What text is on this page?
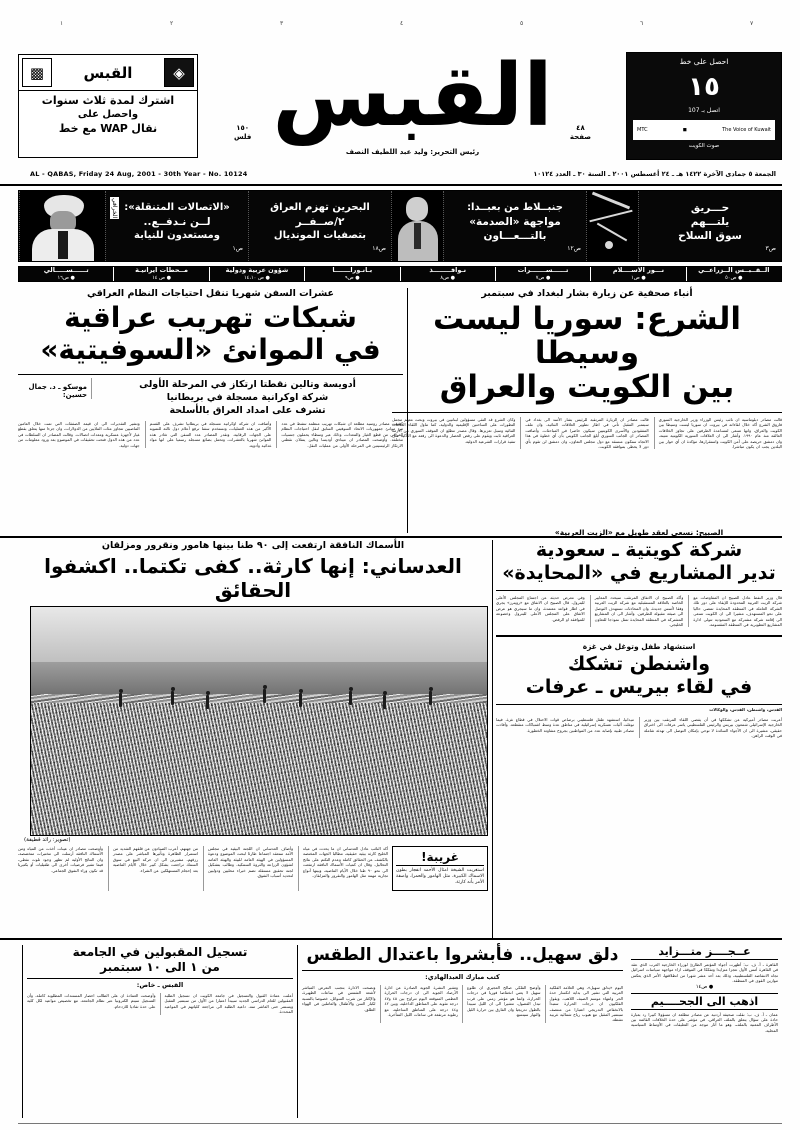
١	٢	٣	٤	٥	٦	٧
◈
القبس
▩
اشترك لمدة ثلاث سنوات
واحصل على
نقال WAP مع خط	القبس
١٥٠
فلس
٤٨
صفحة
رئيس التحرير: وليد عبد اللطيف النصف
احصل على خط
١٥
اتصل بـ 107
The Voice of Kuwait
◼
MTC
صوت الكويت
AL - QABAS, Friday 24 Aug, 2001 - 30th Year - No. 10124	الجمعة ٥ جمادى الآخرة ١٤٢٢ هـ ـ ٢٤ أغسطس ٢٠٠١ ـ السنة ٣٠ ـ العدد ١٠١٢٤
حـــريق
يلتـــهم
سوق السلاح
ص٣
جنبــلاط من بعبــدا:
مواجهة «الصدمة»
بالتـــعـــاون
ص١٢
البحرين تهزم العراق
٢/صــفــر
بتصفيات المونديال
ص١٨
الخرافي «الاتصالات المتنقلة»:
لــن نـدفــع..
ومستعدون للنيابة
ص١
الــقــبــس الــزراعــي
● ص٥٠
نـــور الاســــلام
● ص١
تــــــســـــــرات
● ص٧
نـوافــــــــذ
● ص٨
بـانـوراـــــــا
● ص٩
شؤون عربية ودولية
● ص ١٤،١٠
مــحطات ايرانيـة
● ص ١٤
تــــــســـــالي
● ص١٦
أنباء صحفية عن زيارة بشار لبغداد في سبتمبر
الشرع: سوريا ليست وسيطا
بين الكويت والعراق
قالت مصادر دبلوماسية ان نائب رئيس الوزراء وزير الخارجية السوري فاروق الشرع أكد خلال لقاءاته في بيروت ان سوريا ليست وسيطا بين الكويت والعراق، وانها تسعى لمساعدة الطرفين على تجاوز الخلافات العالقة منذ عام ١٩٩٠. وأشار الى ان العلاقات السورية الكويتية متينة، وان دمشق حريصة على أمن الكويت واستقرارها، مؤكدة ان أي حوار بين البلدين يجب ان يكون مباشرا.
قالت مصادر ان الزيارة المرتقبة للرئيس بشار الأسد الى بغداد في سبتمبر المقبل تأتي في اطار تطوير العلاقات الثنائية، وان ملف المفقودين والأسرى الكويتيين سيكون حاضرا في المباحثات. وأضافت المصادر ان الجانب السوري أبلغ الجانب الكويتي بأن أي خطوة في هذا الاتجاه ستكون منسقة مع دول مجلس التعاون، وان دمشق لن تقوم بأي دور لا يحظى بموافقة الكويت.
وكان الشرع قد التقى مسؤولين لبنانيين في بيروت وبحث معهم مجمل التطورات على الساحتين الإقليمية والدولية، كما تناول اللقاء العلاقات الثنائية وسبل تعزيزها. وقال مصدر مطلع ان الموقف السوري من الأزمة العراقية ثابت ويقوم على رفض الحصار والدعوة الى رفعه مع التأكيد على تنفيذ قرارات الشرعية الدولية.
عشرات السفن شهريا تنقل احتياجات النظام العراقي
شبكات تهريب عراقية
في الموانئ «السوفيتية»
أدويسة وتالين نقطتا ارتكاز في المرحلة الأولى
شركة اوكرانية مسجلة في بريطانيا
تشرف على امداد العراق بالأسلحة
موسكو ـ د. جمال حسين:
كشفت مصادر روسية مطلعة ان شبكات تهريب منظمة تنشط في عدد من موانئ جمهوريات الاتحاد السوفيتي السابق لنقل احتياجات النظام العراقي من قطع الغيار والمعدات، وذلك عبر وسطاء يحملون جنسيات مختلفة. وأوضحت المصادر ان ميناءي أوديسا وتالين يمثلان نقطتي الارتكاز الرئيسيتين في المرحلة الأولى من عمليات النقل.
وأضافت ان شركة اوكرانية مسجلة في بريطانيا تشرف على القسم الأكبر من هذه العمليات، وتستخدم سفنا ترفع أعلام دول ثالثة للتمويه على الجهات الرقابية. وتقدر المصادر عدد السفن التي تغادر هذه الموانئ شهريا بالعشرات، وتحمل بضائع مسجلة رسميا على انها مواد غذائية وأدوية.
وتشير التقديرات الى ان قيمة الصفقات التي تمت خلال العامين الماضيين تتجاوز مئات الملايين من الدولارات، وان جزءا منها يتعلق بقطع غيار لأجهزة عسكرية ومعدات اتصالات. وقالت المصادر ان السلطات في عدد من هذه الدول فتحت تحقيقات في الموضوع بعد ورود معلومات من جهات دولية.
الأسماك النافقة ارتفعت إلى ٩٠ طنا بينها هامور ونقرور ومزلقان
العدساني: إنها كارثة.. كفى تكتما.. اكشفوا الحقائق
(تصوير: رائد قطيفة)
غريبة!
استغربت الشيخة امثال الأحمد انفجار بطون الاسماك الكبيرة، مثل الهامور والحمرا، واصفة الأمر بأنه كارثة.
أكد النائب عادل العدساني ان ما يحدث في مياه الخليج كارثة بيئية حقيقية، مطالبا الجهات المختصة بالكشف عن الحقائق كاملة وعدم التكتم على نتائج التحاليل. وقال ان كميات الأسماك النافقة ارتفعت الى نحو ٩٠ طنا خلال الأيام الماضية، وبينها أنواع تجارية مهمة مثل الهامور والنقرور والمزلقان.
وأضاف العدساني ان اللجنة البيئية في مجلس الأمة ستعقد اجتماعا طارئا لبحث الموضوع ودعوة المسؤولين في الهيئة العامة للبيئة والهيئة العامة لشؤون الزراعة والثروة السمكية. وطالب بتشكيل لجنة تحقيق مستقلة تضم خبراء محليين ودوليين لتحديد أسباب النفوق.
من جهتهم، أعرب الصيادون عن قلقهم الشديد من استمرار الظاهرة وتأثيرها المباشر على مصدر رزقهم، مشيرين الى ان حركة البيع في سوق السمك تراجعت بشكل كبير خلال الأيام الماضية بعد إحجام المستهلكين عن الشراء.
وأوضحت مصادر ان عينات أخذت من المياه ومن الأسماك النافقة أرسلت الى مختبرات متخصصة، وان النتائج الأولية لم تظهر وجود تلوث نفطي، فيما تشير فرضيات أخرى الى طفيليات أو بكتيريا قد تكون وراء النفوق الجماعي.
الصبيح: نسعى لعقد طويل مع «الزيت العربية»
شركة كويتية ـ سعودية
تدير المشاريع في «المحايدة»
قال وزير النفط عادل الصبيح ان المفاوضات مع شركة الزيت العربية المحدودة للإبقاء على دور تلك الشركة العاملة في المنطقة المحايدة تمضي حاليا على نحو المستهدف، مشيرا الى ان الكويت تسعى الى إقامة شركة مشتركة مع السعودية تتولى ادارة المشاريع التطويرية في المنطقة المقسومة.
وأكد الصبيح ان الاتفاق المرتقب سيحدد المعايير الخاصة بالعلاقة المستقبلية مع شركة الزيت العربية وفقا لأسس جديدة، وان المحادثات تستهدف التوصل الى صيغة مقبولة للطرفين. وأشار الى ان المشاريع المشتركة في المنطقة المحايدة تمثل نموذجا للتعاون الخليجي.
وفي معرض حديثه عن اجتماع المجلس الأعلى للبترول، قال الصبيح ان الاتفاق مع «رويترز» يجري في اطار قواعد معتمدة، وان ما سيجري هو عرض الاتفاق على المجلس الأعلى للبترول وخضوعه للموافقة او الرفض.
استشهاد طفل وتوغل في غزة
واشنطن تشكك
في لقاء بيريس ـ عرفات
القدس، واشنطن، القدس، والوكالات
أعربت مصادر أميركية عن تشككها في أن يفضي اللقاء المرتقب بين وزير الخارجية الإسرائيلي شمعون بيريس والرئيس الفلسطيني ياسر عرفات الى اختراق حقيقي، مشيرة الى ان الأجواء السائدة لا توحي بإمكان التوصل الى تهدئة شاملة في الوقت الراهن.
ميدانيا، استشهد طفل فلسطيني برصاص قوات الاحتلال في قطاع غزة، فيما توغلت آليات عسكرية إسرائيلية في مناطق عدة وسط اشتباكات متقطعة. وأفادت مصادر طبية بإصابة عدد من المواطنين بجروح متفاوتة الخطورة.
عــجــــز متـــزايد
القاهرة ـ أ. ف. ب: أظهرت أجواء المؤتمر الطارئ لوزراء الخارجية العرب الذي عقد في القاهرة أمس الأول عجزا متزايدا وتفككا في الموقف ازاء مواجهة سياسات اسرائيل تجاه الانتفاضة الفلسطينية، وذلك بعد أحد عشر شهرا من انطلاقتها، الأمر الذي يعكس موازين القوى في المنطقة.
● ص١٤
اذهب الى الجحــــيم
عمان ـ أ. ف. ب: نقلت صحيفة أردنية عن مصادر مطلعة ان مسؤولا كبيرا رد بعبارة حادة على سؤال يتعلق بالملف العراقي، في مؤشر على حدة الخلافات القائمة بين الأطراف المعنية بالملف، وهو ما أثار موجة من التعليقات في الأوساط السياسية المحلية.
دلق سهيل.. فأبشروا باعتدال الطقس
كتب مبارك العبدالهادي:
اليوم «يدلق سهيل»، وهي العلامة الفلكية العربية التي تشير الى بداية انكسار حدة الحر وانتهاء موسم الصيف اللاهب. ويقول الفلكيون ان درجات الحرارة ستبدأ بالانخفاض التدريجي اعتبارا من منتصف سبتمبر المقبل مع هبوب رياح شمالية غربية نشطة.
وأوضح الفلكي صالح العجيري ان طلوع سهيل لا يعني انخفاضا فوريا في درجات الحرارة، وانما هو مؤشر زمني على قرب تبدل الفصول، مشيرا الى ان الليل سيبدأ بالطول تدريجيا وان الفارق بين حرارة الليل والنهار سيتسع.
وتشير النشرة الجوية الصادرة عن ادارة الأرصاد الجوية الى ان درجات الحرارة العظمى المتوقعة اليوم تتراوح بين ٤٥ و٤٧ درجة مئوية على المناطق الداخلية، وبين ٤٢ و٤٤ درجة على المناطق الساحلية، مع رطوبة مرتفعة في ساعات الليل المتأخرة.
ونصحت الادارة بتجنب التعرض المباشر لأشعة الشمس في ساعات الظهيرة، والإكثار من شرب السوائل، خصوصا بالنسبة لكبار السن والأطفال والعاملين في الهواء الطلق.
تسجيل المقبولين في الجامعة
من ١ الى ١٠ سبتمبر
القبس ـ خاص:
أعلنت عمادة القبول والتسجيل في جامعة الكويت ان تسجيل الطلبة المقبولين للعام الدراسي الجديد سيبدأ اعتبارا من الأول من سبتمبر المقبل ويستمر حتى العاشر منه، داعية الطلبة الى مراجعة كلياتهم في المواعيد المحددة.
وأوضحت العمادة ان على الطالب احضار المستندات المطلوبة كاملة، وأن التسجيل سيتم الكترونيا عبر نظام الجامعة، مع تخصيص مواعيد لكل كلية على حدة تفاديا للازدحام.
